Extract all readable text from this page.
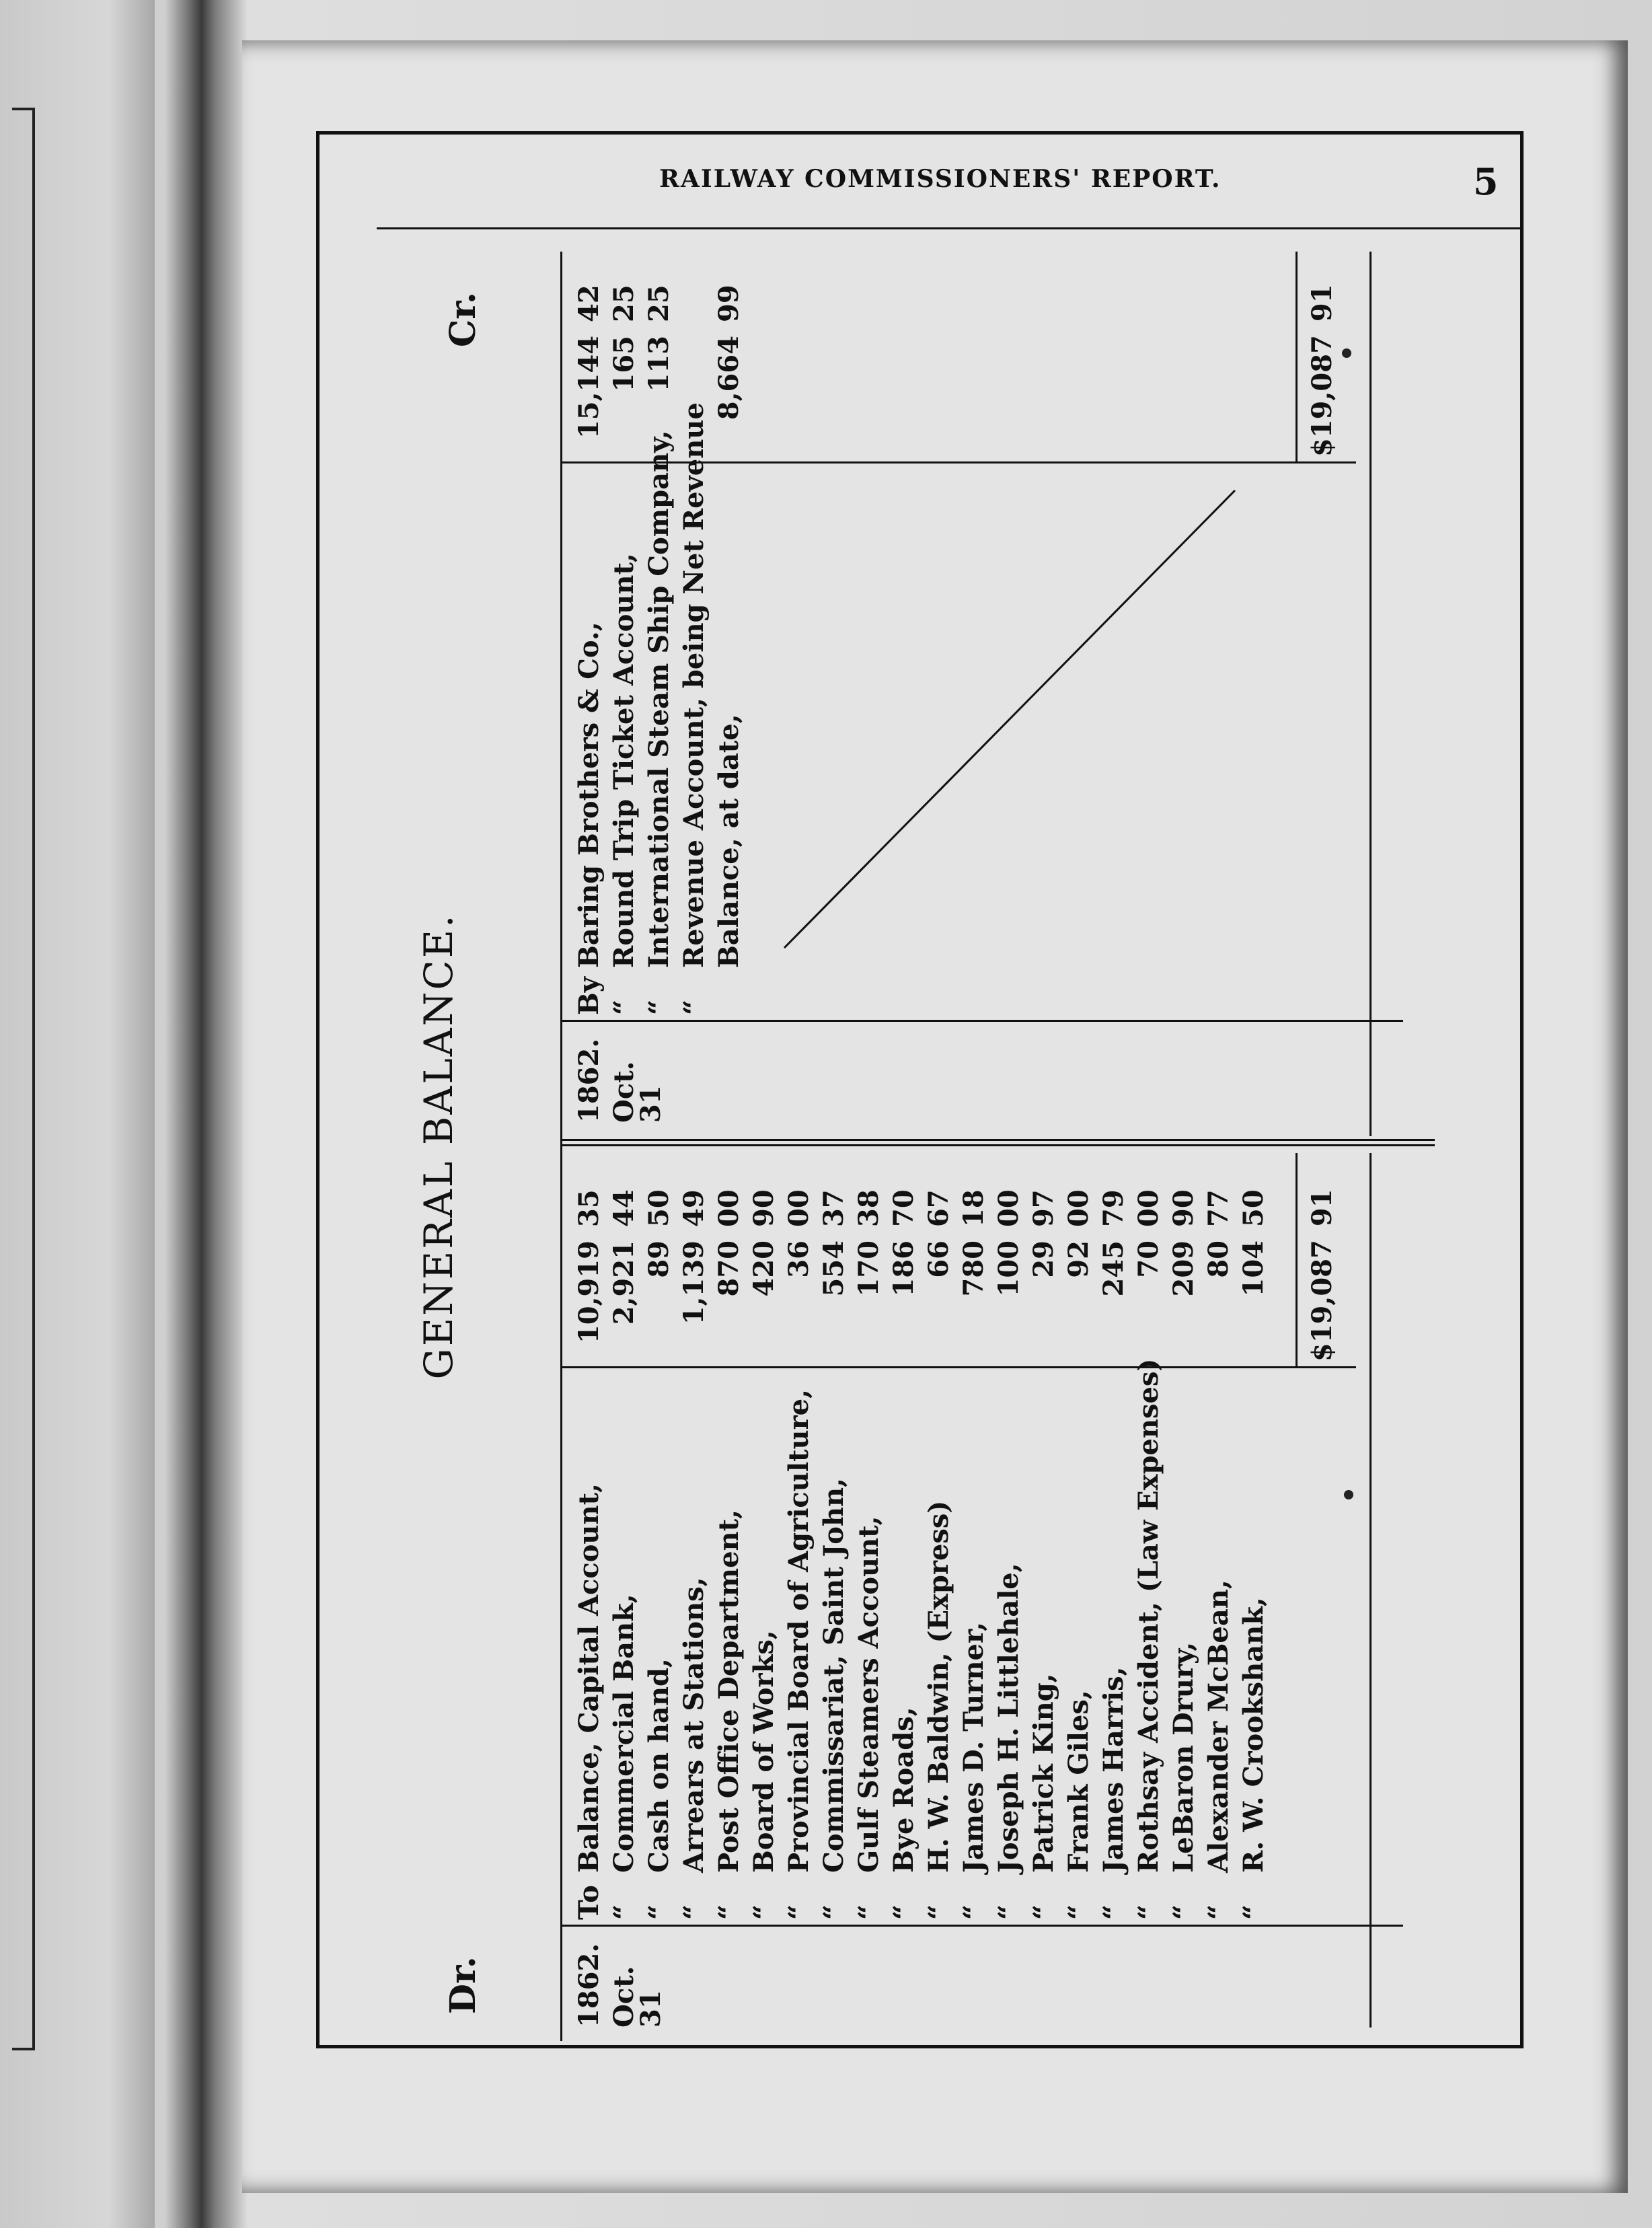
RAILWAY COMMISSIONERS' REPORT.	5
Dr.
GENERAL BALANCE.
Cr.
1862. Oct. 31
ToBalance, Capital Account,
10,919
35
“Commercial Bank,
2,921
44
“Cash on hand,
89
50
“Arrears at Stations,
1,139
49
“Post Office Department,
870
00
“Board of Works,
420
90
“Provincial Board of Agriculture,
36
00
“Commissariat, Saint John,
554
37
“Gulf Steamers Account,
170
38
“Bye Roads,
186
70
“H. W. Baldwin, (Express)
66
67
“James D. Turner,
780
18
“Joseph H. Littlehale,
100
00
“Patrick King,
29
97
“Frank Giles,
92
00
“James Harris,
245
79
“Rothsay Accident, (Law Expenses)
70
00
“LeBaron Drury,
209
90
“Alexander McBean,
80
77
“R. W. Crookshank,
104
50
$19,08791
1862. Oct. 31
ByBaring Brothers & Co.,
15,144
42
“Round Trip Ticket Account,
165
25
“International Steam Ship Company,
113
25
“Revenue Account, being Net Revenue Balance, at date,
8,664
99
$19,08791
